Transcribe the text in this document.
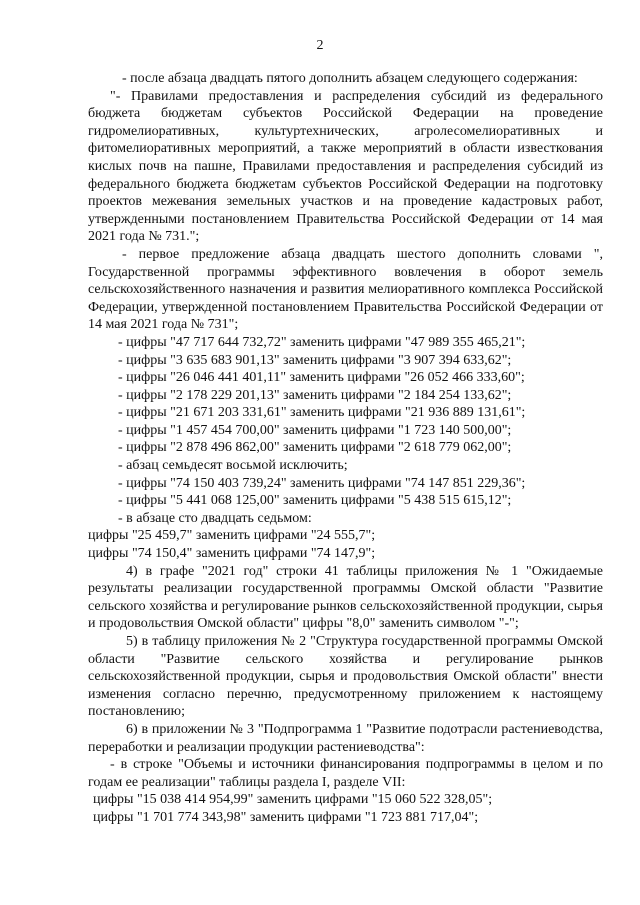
2

- после абзаца двадцать пятого дополнить абзацем следующего содержания:

"- Правилами предоставления и распределения субсидий из федерального бюджета бюджетам субъектов Российской Федерации на проведение гидромелиоративных, культуртехнических, агролесомелиоративных и фитомелиоративных мероприятий, а также мероприятий в области известкования кислых почв на пашне, Правилами предоставления и распределения субсидий из федерального бюджета бюджетам субъектов Российской Федерации на подготовку проектов межевания земельных участков и на проведение кадастровых работ, утвержденными постановлением Правительства Российской Федерации от 14 мая 2021 года № 731.";

- первое предложение абзаца двадцать шестого дополнить словами ", Государственной программы эффективного вовлечения в оборот земель сельскохозяйственного назначения и развития мелиоративного комплекса Российской Федерации, утвержденной постановлением Правительства Российской Федерации от 14 мая 2021 года № 731";

- цифры "47 717 644 732,72" заменить цифрами "47 989 355 465,21";

- цифры "3 635 683 901,13" заменить цифрами "3 907 394 633,62";

- цифры "26 046 441 401,11" заменить цифрами "26 052 466 333,60";

- цифры "2 178 229 201,13" заменить цифрами "2 184 254 133,62";

- цифры "21 671 203 331,61" заменить цифрами "21 936 889 131,61";

- цифры "1 457 454 700,00" заменить цифрами "1 723 140 500,00";

- цифры "2 878 496 862,00" заменить цифрами "2 618 779 062,00";

- абзац семьдесят восьмой исключить;

- цифры "74 150 403 739,24" заменить цифрами "74 147 851 229,36";

- цифры "5 441 068 125,00" заменить цифрами "5 438 515 615,12";

- в абзаце сто двадцать седьмом:

цифры "25 459,7" заменить цифрами "24 555,7";

цифры "74 150,4" заменить цифрами "74 147,9";

4) в графе "2021 год" строки 41 таблицы приложения № 1 "Ожидаемые результаты реализации государственной программы Омской области "Развитие сельского хозяйства и регулирование рынков сельскохозяйственной продукции, сырья и продовольствия Омской области" цифры "8,0" заменить символом "-";

5) в таблицу приложения № 2 "Структура государственной программы Омской области "Развитие сельского хозяйства и регулирование рынков сельскохозяйственной продукции, сырья и продовольствия Омской области" внести изменения согласно перечню, предусмотренному приложением к настоящему постановлению;

6) в приложении № 3 "Подпрограмма 1 "Развитие подотрасли растениеводства, переработки и реализации продукции растениеводства":

- в строке "Объемы и источники финансирования подпрограммы в целом и по годам ее реализации" таблицы раздела I, разделе VII:

цифры "15 038 414 954,99" заменить цифрами "15 060 522 328,05";

цифры "1 701 774 343,98" заменить цифрами "1 723 881 717,04";
